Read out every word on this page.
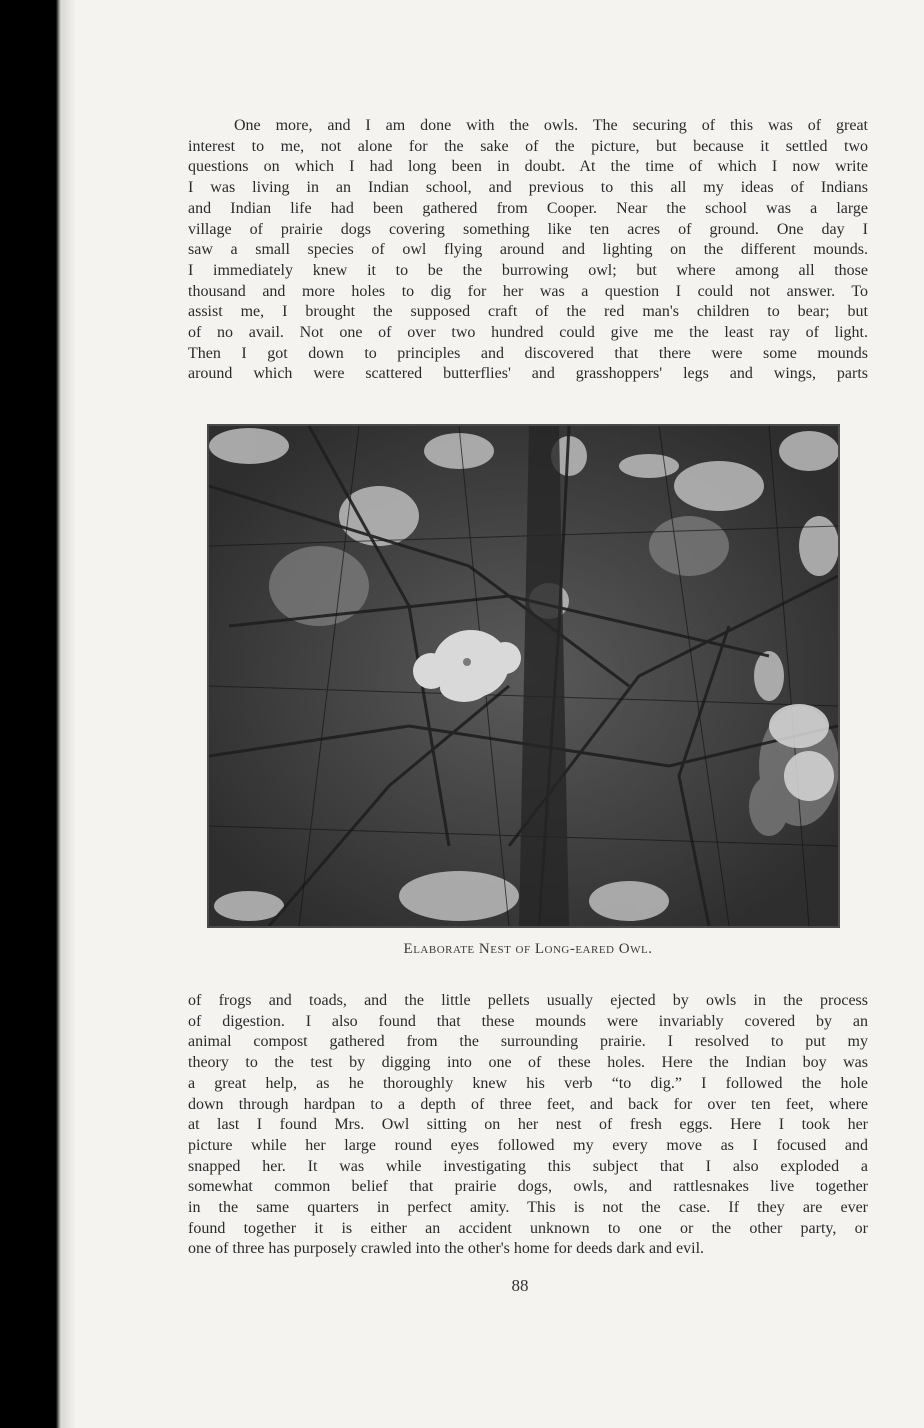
One more, and I am done with the owls. The securing of this was of great
interest to me, not alone for the sake of the picture, but because it settled two
questions on which I had long been in doubt. At the time of which I now write
I was living in an Indian school, and previous to this all my ideas of Indians
and Indian life had been gathered from Cooper. Near the school was a large
village of prairie dogs covering something like ten acres of ground. One day I
saw a small species of owl flying around and lighting on the different mounds.
I immediately knew it to be the burrowing owl; but where among all those
thousand and more holes to dig for her was a question I could not answer. To
assist me, I brought the supposed craft of the red man's children to bear; but
of no avail. Not one of over two hundred could give me the least ray of light.
Then I got down to principles and discovered that there were some mounds
around which were scattered butterflies' and grasshoppers' legs and wings, parts

Elaborate Nest of Long-eared Owl.

of frogs and toads, and the little pellets usually ejected by owls in the process
of digestion. I also found that these mounds were invariably covered by an
animal compost gathered from the surrounding prairie. I resolved to put my
theory to the test by digging into one of these holes. Here the Indian boy was
a great help, as he thoroughly knew his verb “to dig.” I followed the hole
down through hardpan to a depth of three feet, and back for over ten feet, where
at last I found Mrs. Owl sitting on her nest of fresh eggs. Here I took her
picture while her large round eyes followed my every move as I focused and
snapped her. It was while investigating this subject that I also exploded a
somewhat common belief that prairie dogs, owls, and rattlesnakes live together
in the same quarters in perfect amity. This is not the case. If they are ever
found together it is either an accident unknown to one or the other party, or
one of three has purposely crawled into the other's home for deeds dark and evil.

88
